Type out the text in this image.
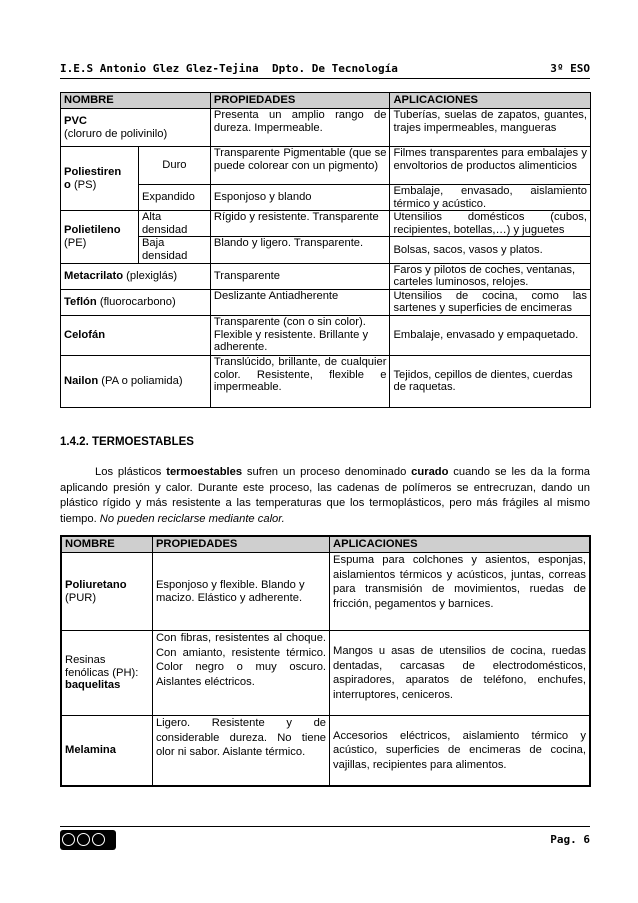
I.E.S Antonio Glez Glez-Tejina Dpto. De Tecnología	3º ESO
NOMBRE		PROPIEDADES	APLICACIONES
PVC
(cloruro de polivinilo)		Presenta un amplio rango de dureza. Impermeable.	Tuberías, suelas de zapatos, guantes, trajes impermeables, mangueras
Poliestiren
o (PS)	Duro	Transparente Pigmentable (que se puede colorear con un pigmento)	Filmes transparentes para embalajes y envoltorios de productos alimenticios
	Expandido	Esponjoso y blando	Embalaje, envasado, aislamiento térmico y acústico.
Polietileno
(PE)	Alta densidad	Rígido y resistente. Transparente	Utensilios domésticos (cubos, recipientes, botellas,…) y juguetes
	Baja densidad	Blando y ligero. Transparente.	Bolsas, sacos, vasos y platos.
Metacrilato (plexiglás)		Transparente	Faros y pilotos de coches, ventanas, carteles luminosos, relojes.
Teflón (fluorocarbono)		Deslizante Antiadherente	Utensilios de cocina, como las sartenes y superficies de encimeras
Celofán		Transparente (con o sin color). Flexible y resistente. Brillante y adherente.	Embalaje, envasado y empaquetado.
Nailon (PA o poliamida)		Translúcido, brillante, de cualquier color. Resistente, flexible e impermeable.	Tejidos, cepillos de dientes, cuerdas de raquetas.
1.4.2. TERMOESTABLES
Los plásticos termoestables sufren un proceso denominado curado cuando se les da la forma aplicando presión y calor. Durante este proceso, las cadenas de polímeros se entrecruzan, dando un plástico rígido y más resistente a las temperaturas que los termoplásticos, pero más frágiles al mismo tiempo. No pueden reciclarse mediante calor.
NOMBRE	PROPIEDADES	APLICACIONES
Poliuretano
(PUR)	Esponjoso y flexible. Blando y macizo. Elástico y adherente.	Espuma para colchones y asientos, esponjas, aislamientos térmicos y acústicos, juntas, correas para transmisión de movimientos, ruedas de fricción, pegamentos y barnices.
Resinas fenólicas (PH):
baquelitas	Con fibras, resistentes al choque. Con amianto, resistente térmico. Color negro o muy oscuro. Aislantes eléctricos.	Mangos u asas de utensilios de cocina, ruedas dentadas, carcasas de electrodomésticos, aspiradores, aparatos de teléfono, enchufes, interruptores, ceniceros.
Melamina	Ligero. Resistente y de considerable dureza. No tiene olor ni sabor. Aislante térmico.	Accesorios eléctricos, aislamiento térmico y acústico, superficies de encimeras de cocina, vajillas, recipientes para alimentos.
Pag. 6
